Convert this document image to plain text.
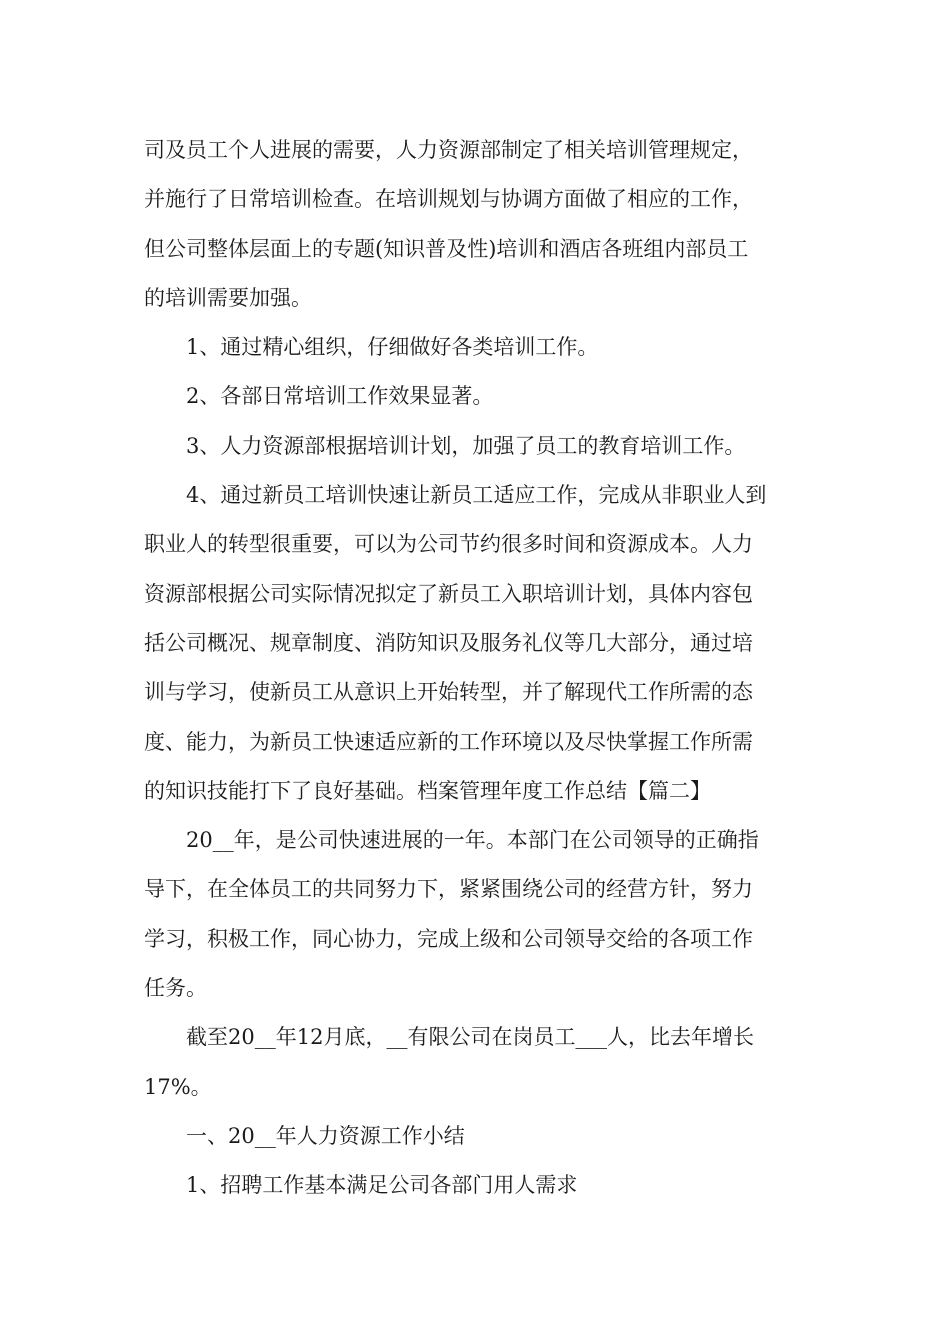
司及员工个人进展的需要，人力资源部制定了相关培训管理规定，
并施行了日常培训检查。在培训规划与协调方面做了相应的工作，
但公司整体层面上的专题(知识普及性)培训和酒店各班组内部员工
的培训需要加强。

1、通过精心组织，仔细做好各类培训工作。

2、各部日常培训工作效果显著。

3、人力资源部根据培训计划，加强了员工的教育培训工作。

4、通过新员工培训快速让新员工适应工作，完成从非职业人到
职业人的转型很重要，可以为公司节约很多时间和资源成本。人力
资源部根据公司实际情况拟定了新员工入职培训计划，具体内容包
括公司概况、规章制度、消防知识及服务礼仪等几大部分，通过培
训与学习，使新员工从意识上开始转型，并了解现代工作所需的态
度、能力，为新员工快速适应新的工作环境以及尽快掌握工作所需
的知识技能打下了良好基础。档案管理年度工作总结【篇二】

20__年，是公司快速进展的一年。本部门在公司领导的正确指
导下，在全体员工的共同努力下，紧紧围绕公司的经营方针，努力
学习，积极工作，同心协力，完成上级和公司领导交给的各项工作
任务。

截至20__年12月底，__有限公司在岗员工___人，比去年增长
17%。

一、20__年人力资源工作小结

1、招聘工作基本满足公司各部门用人需求
